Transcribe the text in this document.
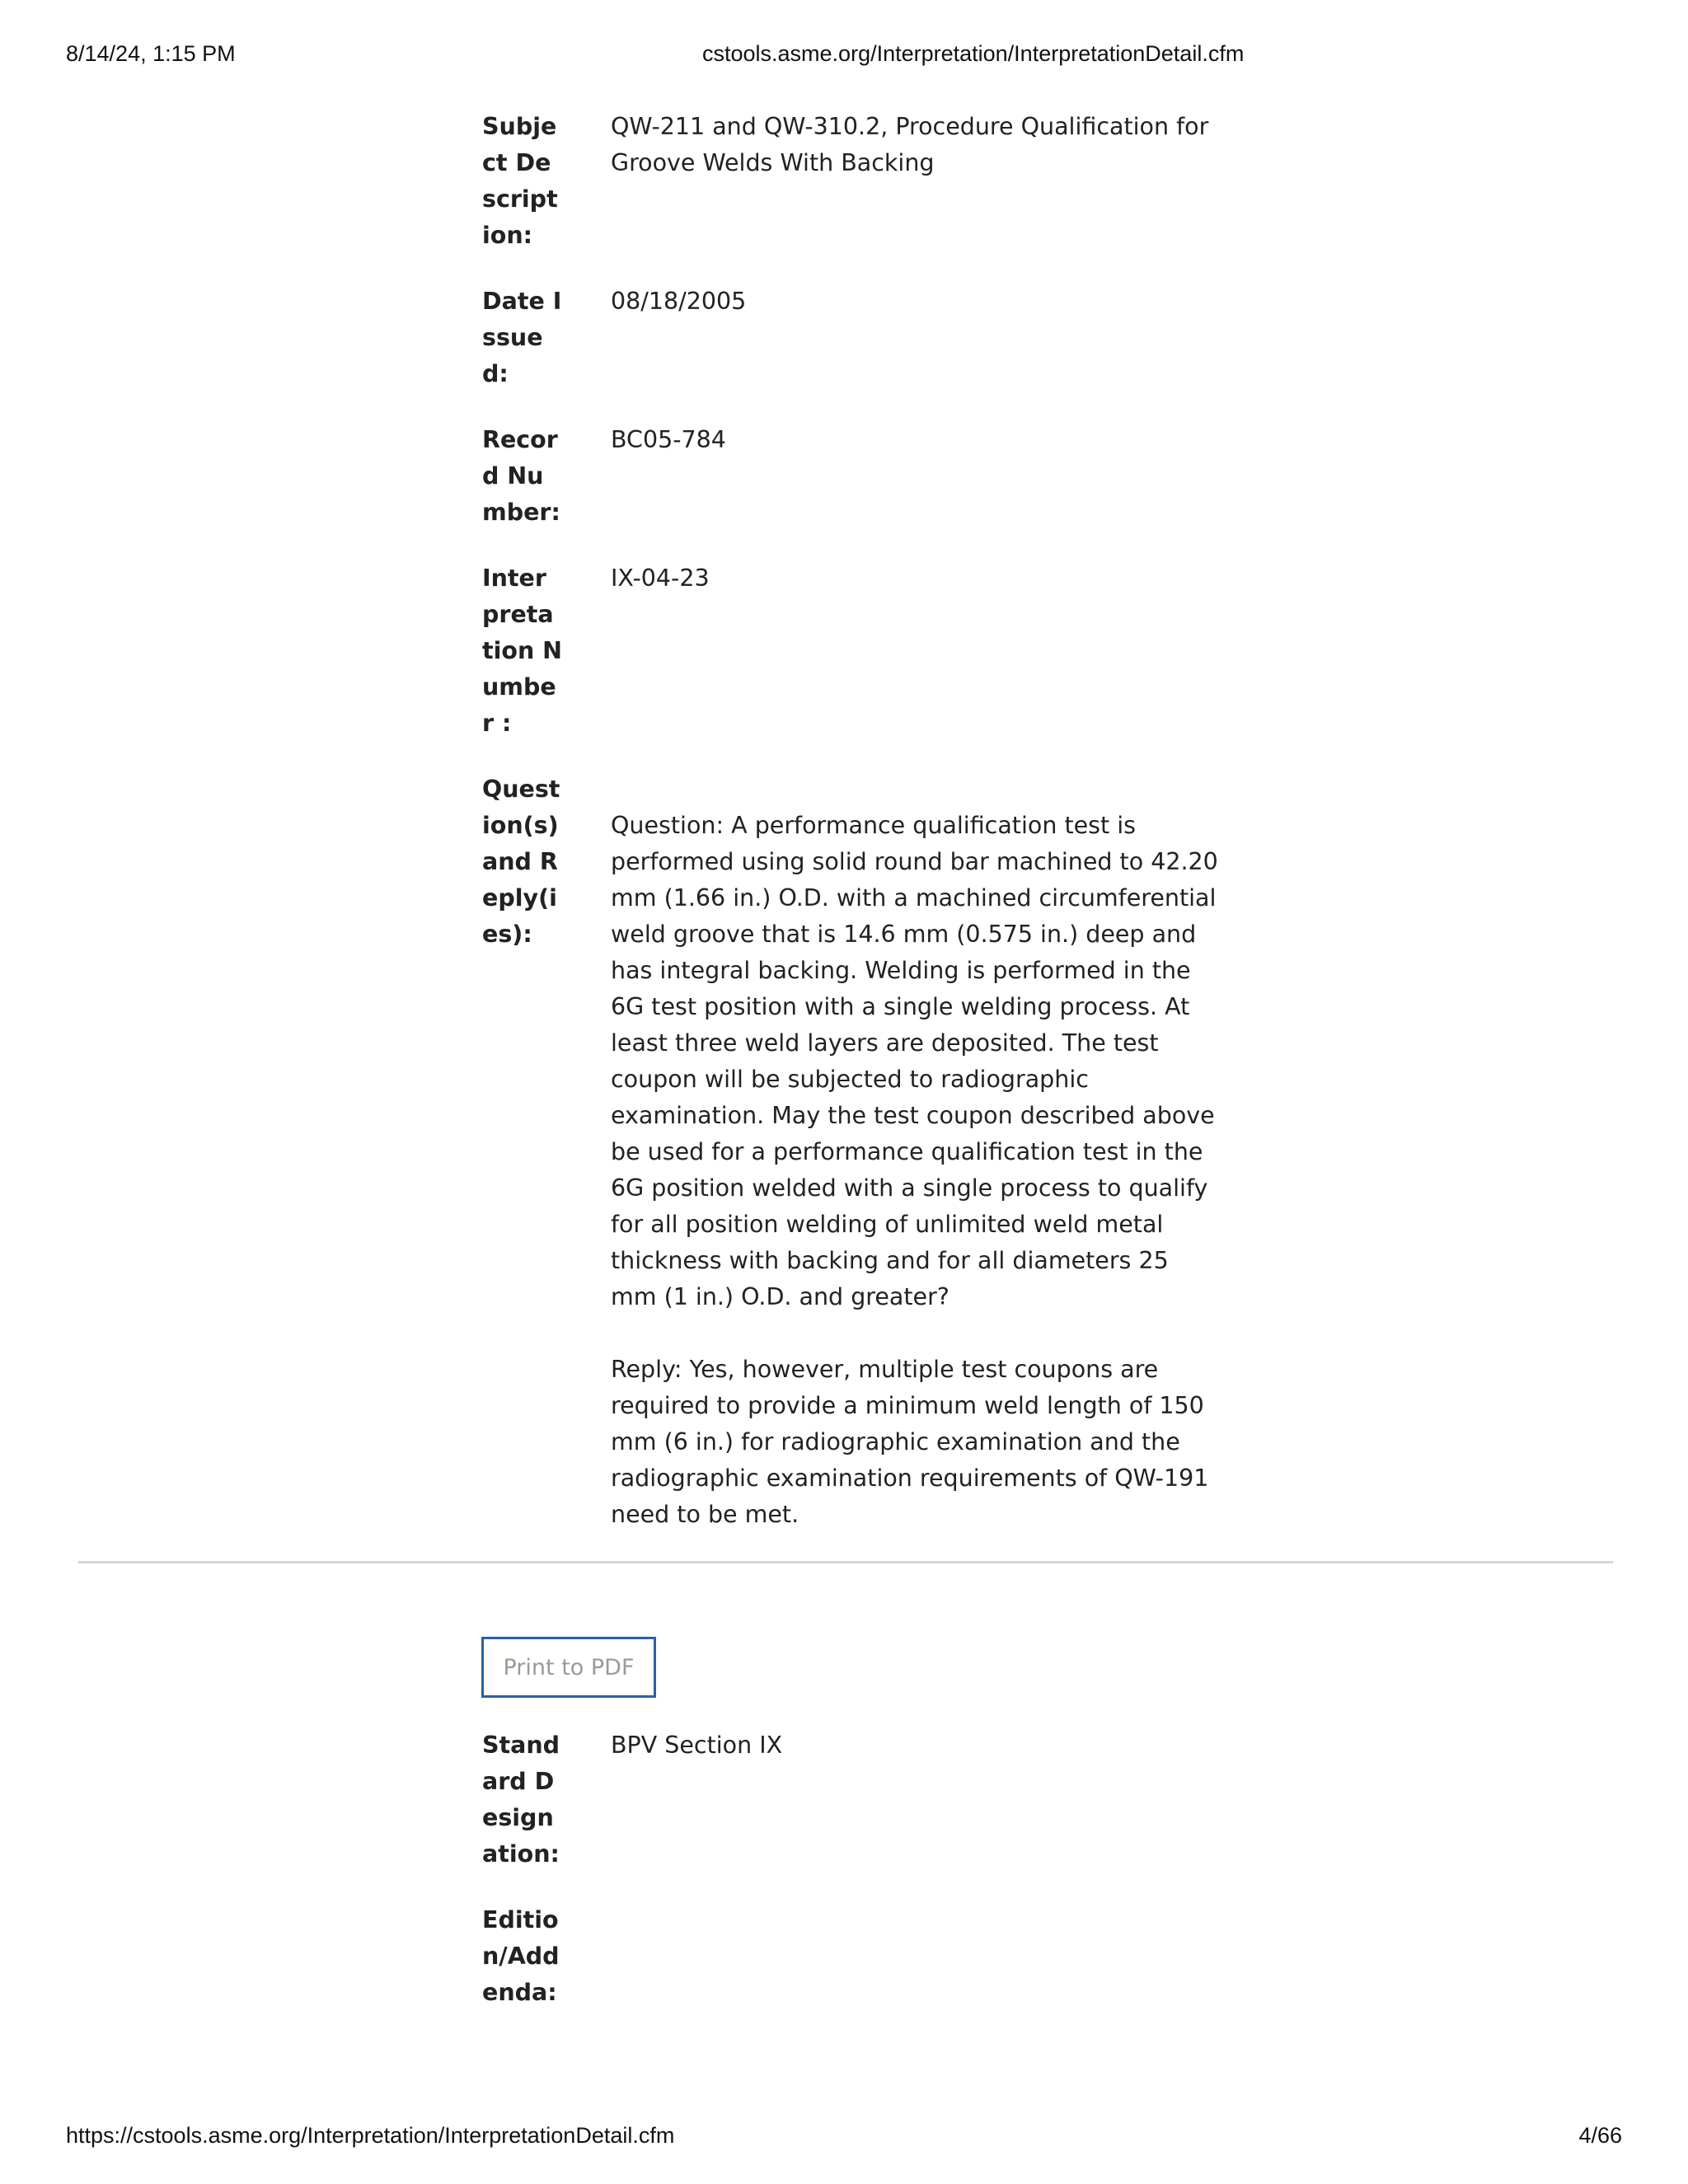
8/14/24, 1:15 PM	cstools.asme.org/Interpretation/InterpretationDetail.cfm
Subject Description:
QW-211 and QW-310.2, Procedure Qualification for Groove Welds With Backing
Date Issued:
08/18/2005
Record Number:
BC05-784
Interpretation Number :
IX-04-23
Question(s) and Reply(ies):

Question: A performance qualification test is performed using solid round bar machined to 42.20 mm (1.66 in.) O.D. with a machined circumferential weld groove that is 14.6 mm (0.575 in.) deep and has integral backing. Welding is performed in the 6G test position with a single welding process. At least three weld layers are deposited. The test coupon will be subjected to radiographic examination. May the test coupon described above be used for a performance qualification test in the 6G position welded with a single process to qualify for all position welding of unlimited weld metal thickness with backing and for all diameters 25 mm (1 in.) O.D. and greater?

Reply: Yes, however, multiple test coupons are required to provide a minimum weld length of 150 mm (6 in.) for radiographic examination and the radiographic examination requirements of QW-191 need to be met.

Print to PDF
Standard Designation:
BPV Section IX
Edition/Addenda:
https://cstools.asme.org/Interpretation/InterpretationDetail.cfm	4/66
